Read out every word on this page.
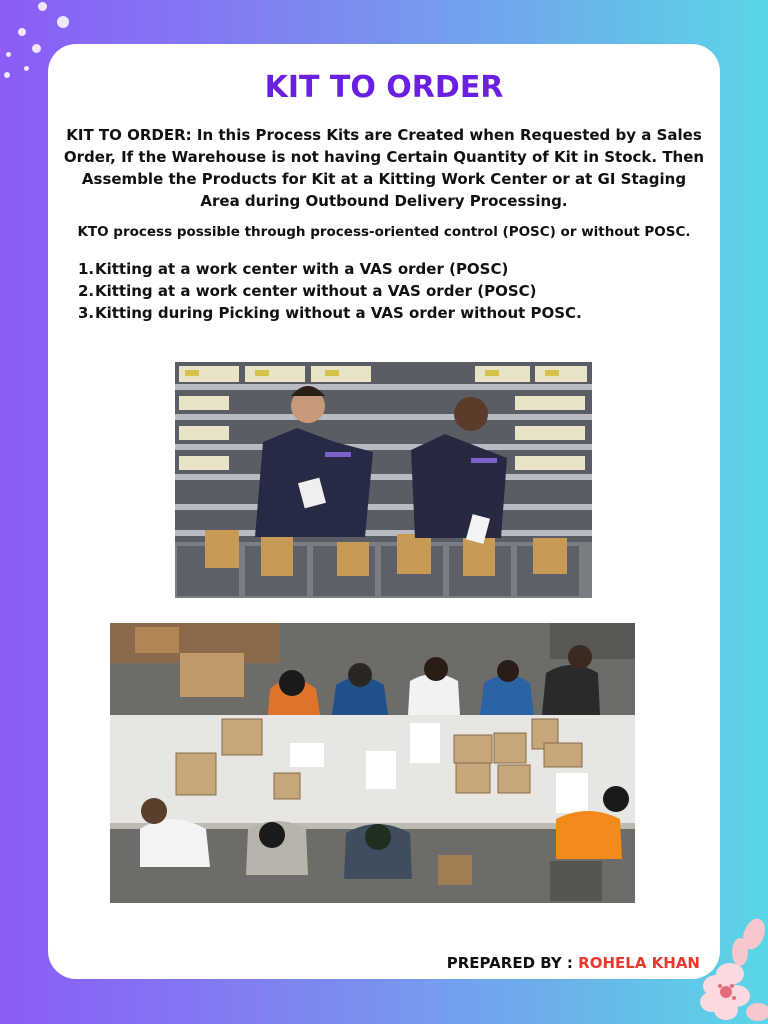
KIT TO ORDER

KIT TO ORDER: In this Process Kits are Created when Requested by a Sales Order, If the Warehouse is not having Certain Quantity of Kit in Stock. Then Assemble the Products for Kit at a Kitting Work Center or at GI Staging Area during Outbound Delivery Processing.

KTO process possible through process-oriented control (POSC) or without POSC.

1. Kitting at a work center with a VAS order (POSC)
2. Kitting at a work center without a VAS order (POSC)
3. Kitting during Picking without a VAS order without POSC.

PREPARED BY : ROHELA KHAN
